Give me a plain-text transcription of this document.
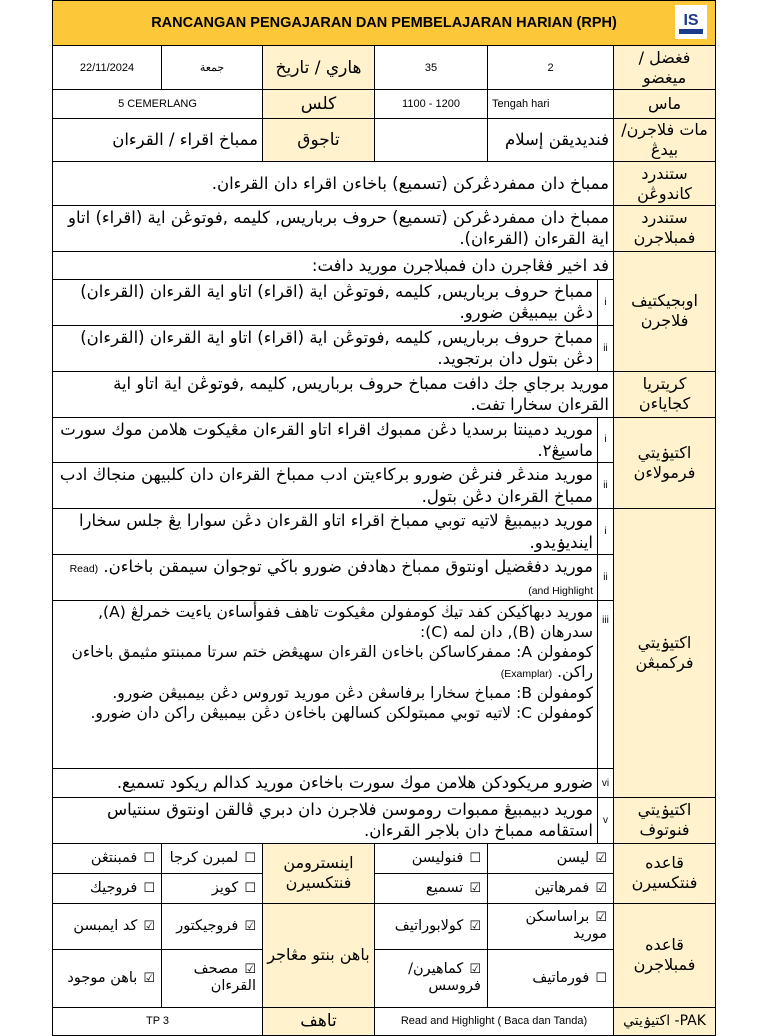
RANCANGAN PENGAJARAN DAN PEMBELAJARAN HARIAN (RPH) IS						

22/11/2024	جمعة	هاري / تاريخ	35	2		فغضل / ميغضو
5 CEMERLANG		كلس	1100 - 1200	Tengah hari		ماس
ممباخ اقراء / القرءان		تاجوق		فنديديقن إسلام		مات فلاجرن/ بيدڠ
ممباخ دان ممفردڠرکن (تسميع) باخاءن اقراء دان القرءان.						ستندرد كاندوڠن
ممباخ دان ممفردڠرکن (تسميع) حروف برباريس, كليمه ,فوتوڠن اية (اقراء) اتاو اية القرءان (القرءان).						ستندرد فمبلاجرن
فد اخير فڠاجرن دان فمبلاجرن موريد دافت:						اوبجيکتيف فلاجرن
ممباخ حروف برباريس, كليمه ,فوتوڠن اية (اقراء) اتاو اية القرءان (القرءان) دڠن بيمبيڠن ضورو.					i	
ممباخ حروف برباريس, كليمه ,فوتوڠن اية (اقراء) اتاو اية القرءان (القرءان) دڠن بتول دان برتجويد.					ii	
موريد برجاي جك دافت ممباخ حروف برباريس, كليمه ,فوتوڠن اية اتاو اية القرءان سخارا تفت.						كريتريا كجاياءن
موريد دمينتا برسديا دڠن ممبوك اقراء اتاو القرءان مڠيكوت هلامن موك سورت ماسيڠ٢.					i	اکتيۏيتي فرمولاءن
موريد مندڠر فنرڠن ضورو برکاءيتن ادب ممباخ القرءان دان كلبيهن منجاڬ ادب ممباخ القرءان دڠن بتول.					ii	
موريد دبيمبيڠ لاتيه توبي ممباخ اقراء اتاو القرءان دڠن سوارا يڠ جلس سخارا ايندیۏيدو.					i	اکتيۏيتي فرکمبڠن
موريد دفڠضيل اونتوق ممباخ دهادفن ضورو باڬي توجوان سيمقن باخاءن. (Read and Highlight)					ii	

موريد دبهاڬيکن کفد تيڬ کومفولن مڠيكوت تاهف ففوأساءن ياءيت خمرلڠ (A), سدرهان (B), دان لمه (C):
کومفولن A: ممفرکاساکن باخاءن القرءان سهيڠض ختم سرتا ممبنتو مثيمق باخاءن راكن. (Examplar)
کومفولن B: ممباخ سخارا برفاسڠن دڠن موريد توروس دڠن بيمبيڠن ضورو.
کومفولن C: لاتيه توبي ممبتولکن کسالهن باخاءن دڠن بيمبيڠن راكن دان ضورو.					iii	
ضورو مريكودکن هلامن موك سورت باخاءن موريد كدالم ريكود تسميع.					vi	
موريد دبيمبيڠ ممبوات روموسن فلاجرن دان دبري ڤالقن اونتوق سنتياس استقامه ممباخ دان بلاجر القرءان.					v	اکتيۏيتي فنوتوف
☐فمبنتڠن	☐لمبرن كرجا	اينسترومن فنتكسيرن	☐فنوليسن	☑ليسن		قاعده فنتكسيرن
☐فروجيك	☐كويز		☑تسميع	☑فمرهاتين		
☑كد ايمبسن	☑فروجيكتور	باهن بنتو مڠاجر	☑كولابوراتيف	☑براساسكن موريد		قاعده فمبلاجرن
☑باهن موجود	☑مصحف القرءان		☑كماهيرن/فروسس	☐فورماتيف		
TP 3		تاهف	Read and Highlight ( Baca dan Tanda)			اكتيۏيتي -PAK
